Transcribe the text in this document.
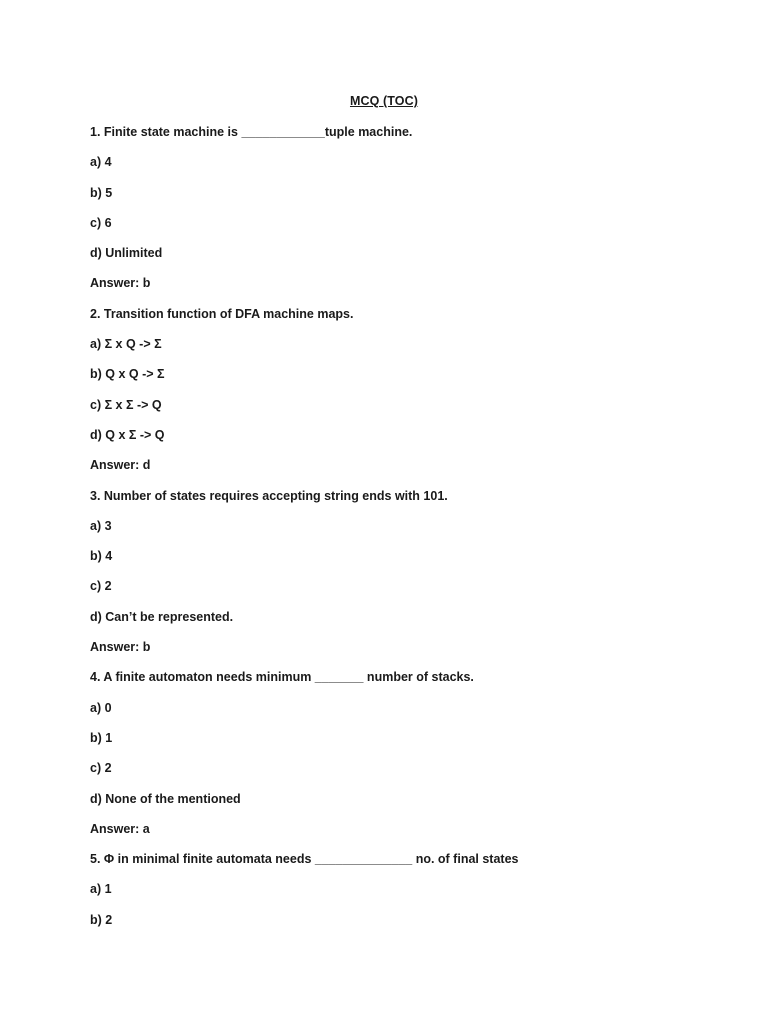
MCQ (TOC)
1. Finite state machine is ____________tuple machine.
a) 4
b) 5
c) 6
d) Unlimited
Answer: b
2. Transition function of DFA machine maps.
a) Σ x Q -> Σ
b) Q x Q -> Σ
c) Σ x Σ -> Q
d) Q x Σ -> Q
Answer: d
3. Number of states requires accepting string ends with 101.
a) 3
b) 4
c) 2
d) Can’t be represented.
Answer: b
4. A finite automaton needs minimum _______ number of stacks.
a) 0
b) 1
c) 2
d) None of the mentioned
Answer: a
5. Φ in minimal finite automata needs ______________ no. of final states
a) 1
b) 2
